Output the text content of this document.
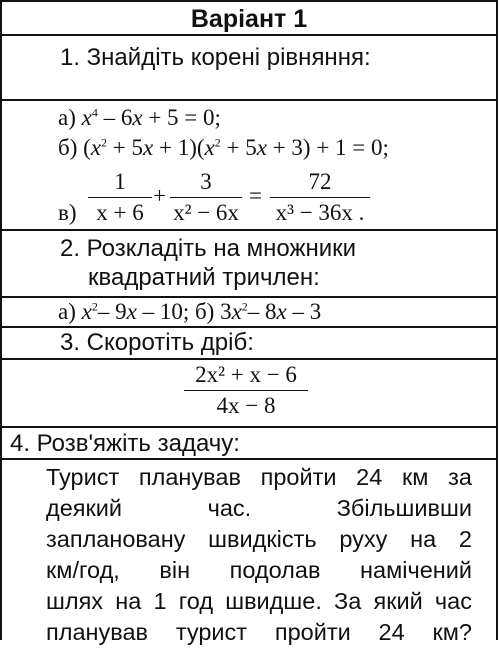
Варіант 1
1. Знайдіть корені рівняння:
а) $x^4 - 6x + 5 = 0$;
б) $(x^2 + 5x + 1)(x^2 + 5x + 3) + 1 = 0$;
$в) \frac{1}{x + 6} + \frac{3}{\text{x² − 6x}} = \frac{72}{\text{x³ − 36x .}}$
2. Розкладіть на множники
квадратний тричлен:
а) $x^2-$ 9x – 10; б) $3x^2-$ 8x – 3
3. Скоротіть дріб:
$\frac{\text{2x² + x − 6}}{4x - 8}$
4. Розв'яжіть задачу:
Турист планував пройти 24 км за
деякий час. Збільшивши
заплановану швидкість руху на 2
км/год, він подолав намічений
шлях на 1 год швидше. За який час
планував турист пройти 24 км?
